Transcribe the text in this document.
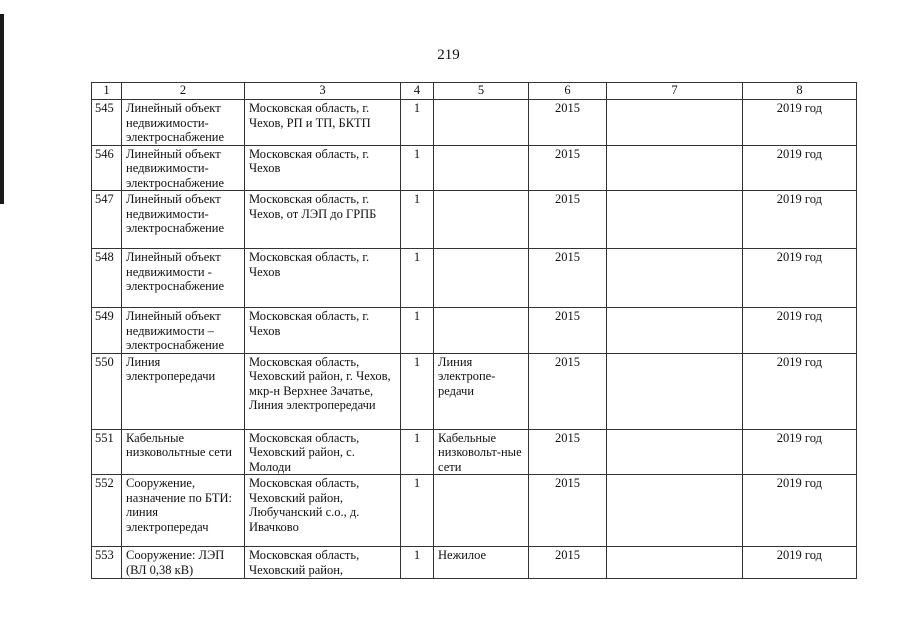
219
1	2	3	4	5	6	7	8
545	Линейный объект недвижимости-электроснабжение	Московская область, г. Чехов, РП и ТП, БКТП	1		2015		2019 год
546	Линейный объект недвижимости-электроснабжение	Московская область, г. Чехов	1		2015		2019 год
547	Линейный объект недвижимости-электроснабжение	Московская область, г. Чехов, от ЛЭП до ГРПБ	1		2015		2019 год
548	Линейный объект недвижимости - электроснабжение	Московская область, г. Чехов	1		2015		2019 год
549	Линейный объект недвижимости – электроснабжение	Московская область, г. Чехов	1		2015		2019 год
550	Линия электропередачи	Московская область, Чеховский район, г. Чехов, мкр-н Верхнее Зачатье, Линия электропередачи	1	Линия электропе-редачи	2015		2019 год
551	Кабельные низковольтные сети	Московская область, Чеховский район, с. Молоди	1	Кабельные низковольт-ные сети	2015		2019 год
552	Сооружение, назначение по БТИ: линия электропередач	Московская область, Чеховский район, Любучанский с.о., д. Ивачково	1		2015		2019 год
553	Сооружение: ЛЭП (ВЛ 0,38 кВ)	Московская область, Чеховский район,	1	Нежилое	2015		2019 год
